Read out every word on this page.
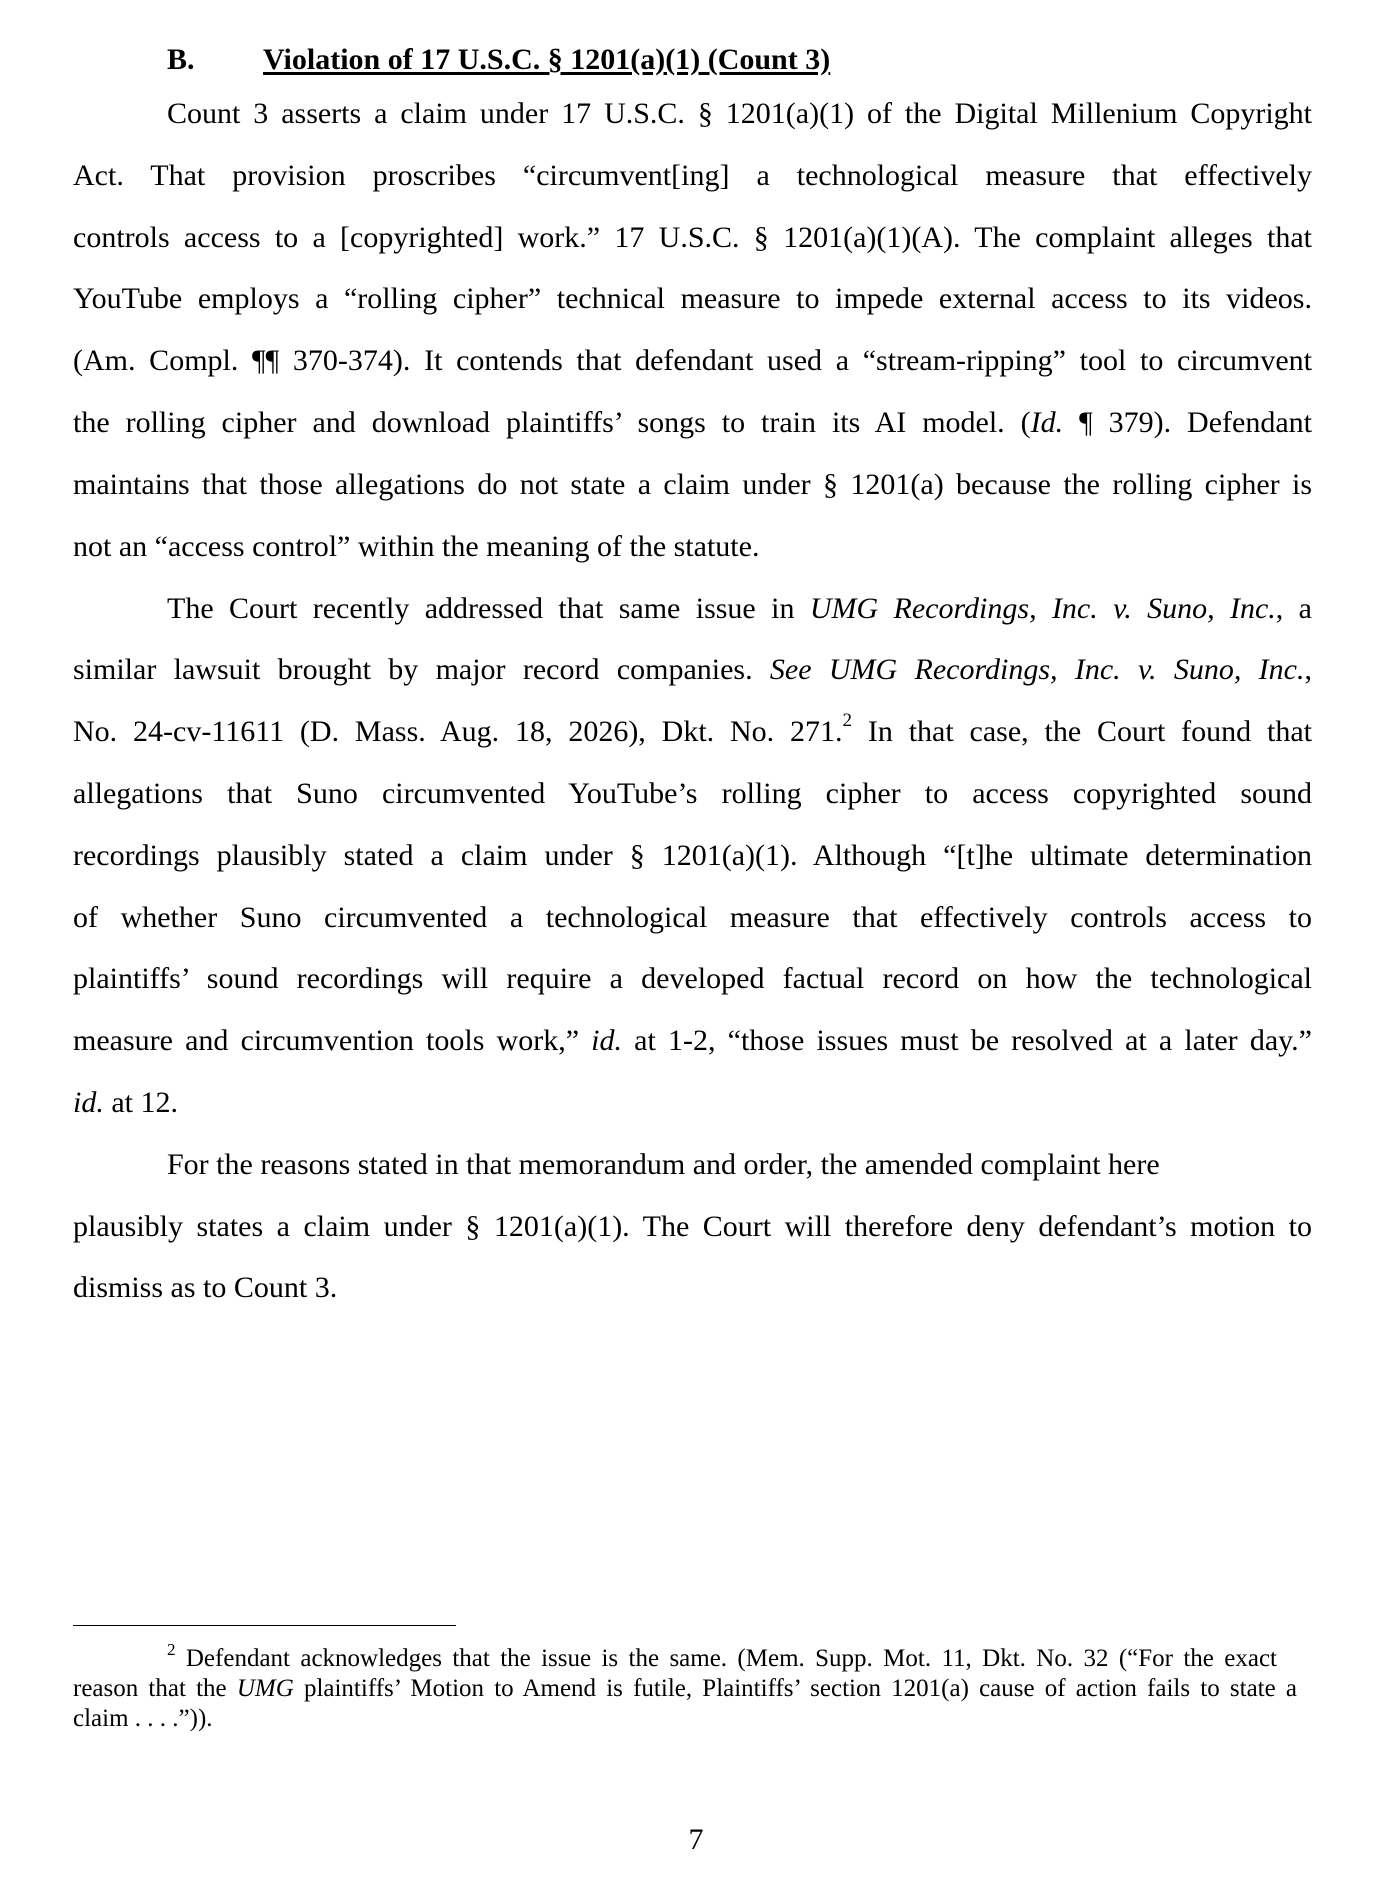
B. Violation of 17 U.S.C. § 1201(a)(1) (Count 3)
Count 3 asserts a claim under 17 U.S.C. § 1201(a)(1) of the Digital Millenium Copyright
Act. That provision proscribes “circumvent[ing] a technological measure that effectively
controls access to a [copyrighted] work.” 17 U.S.C. § 1201(a)(1)(A). The complaint alleges that
YouTube employs a “rolling cipher” technical measure to impede external access to its videos.
(Am. Compl. ¶¶ 370-374). It contends that defendant used a “stream-ripping” tool to circumvent
the rolling cipher and download plaintiffs’ songs to train its AI model. (Id. ¶ 379). Defendant
maintains that those allegations do not state a claim under § 1201(a) because the rolling cipher is
not an “access control” within the meaning of the statute.
The Court recently addressed that same issue in UMG Recordings, Inc. v. Suno, Inc., a
similar lawsuit brought by major record companies. See UMG Recordings, Inc. v. Suno, Inc.,
No. 24-cv-11611 (D. Mass. Aug. 18, 2026), Dkt. No. 271.$^2$ In that case, the Court found that
allegations that Suno circumvented YouTube’s rolling cipher to access copyrighted sound
recordings plausibly stated a claim under § 1201(a)(1). Although “[t]he ultimate determination
of whether Suno circumvented a technological measure that effectively controls access to
plaintiffs’ sound recordings will require a developed factual record on how the technological
measure and circumvention tools work,” id. at 1-2, “those issues must be resolved at a later day.”
id. at 12.
For the reasons stated in that memorandum and order, the amended complaint here
plausibly states a claim under § 1201(a)(1). The Court will therefore deny defendant’s motion to
dismiss as to Count 3.
$^2$ Defendant acknowledges that the issue is the same. (Mem. Supp. Mot. 11, Dkt. No. 32 (“For the exact
reason that the UMG plaintiffs’ Motion to Amend is futile, Plaintiffs’ section 1201(a) cause of action fails to state a
claim . . . .”)).
7
